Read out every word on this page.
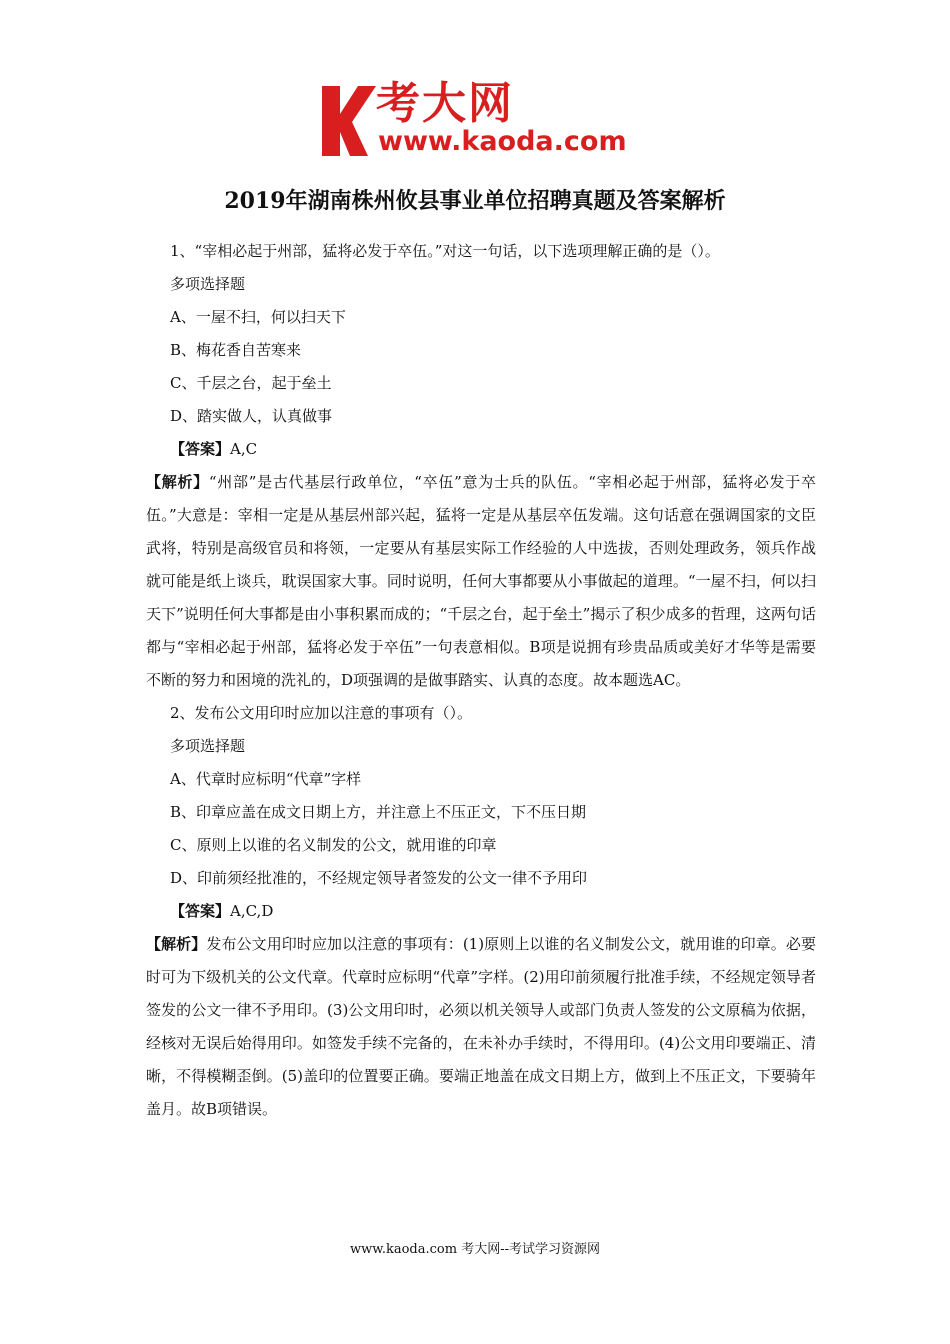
考大网
www.kaoda.com
2019年湖南株州攸县事业单位招聘真题及答案解析

1、“宰相必起于州部，猛将必发于卒伍。”对这一句话，以下选项理解正确的是（）。

多项选择题

A、一屋不扫，何以扫天下

B、梅花香自苦寒来

C、千层之台，起于垒土

D、踏实做人，认真做事

【答案】A,C

【解析】“州部”是古代基层行政单位，“卒伍”意为士兵的队伍。“宰相必起于州部，猛将必发于卒伍。”大意是：宰相一定是从基层州部兴起，猛将一定是从基层卒伍发端。这句话意在强调国家的文臣武将，特别是高级官员和将领，一定要从有基层实际工作经验的人中选拔，否则处理政务，领兵作战就可能是纸上谈兵，耽误国家大事。同时说明，任何大事都要从小事做起的道理。“一屋不扫，何以扫天下”说明任何大事都是由小事积累而成的；“千层之台，起于垒土”揭示了积少成多的哲理，这两句话都与“宰相必起于州部，猛将必发于卒伍”一句表意相似。B项是说拥有珍贵品质或美好才华等是需要不断的努力和困境的洗礼的，D项强调的是做事踏实、认真的态度。故本题选AC。

2、发布公文用印时应加以注意的事项有（）。

多项选择题

A、代章时应标明“代章”字样

B、印章应盖在成文日期上方，并注意上不压正文，下不压日期

C、原则上以谁的名义制发的公文，就用谁的印章

D、印前须经批准的，不经规定领导者签发的公文一律不予用印

【答案】A,C,D

【解析】发布公文用印时应加以注意的事项有：(1)原则上以谁的名义制发公文，就用谁的印章。必要时可为下级机关的公文代章。代章时应标明“代章”字样。(2)用印前须履行批准手续，不经规定领导者签发的公文一律不予用印。(3)公文用印时，必须以机关领导人或部门负责人签发的公文原稿为依据，经核对无误后始得用印。如签发手续不完备的，在未补办手续时，不得用印。(4)公文用印要端正、清晰，不得模糊歪倒。(5)盖印的位置要正确。要端正地盖在成文日期上方，做到上不压正文，下要骑年盖月。故B项错误。

www.kaoda.com 考大网--考试学习资源网
